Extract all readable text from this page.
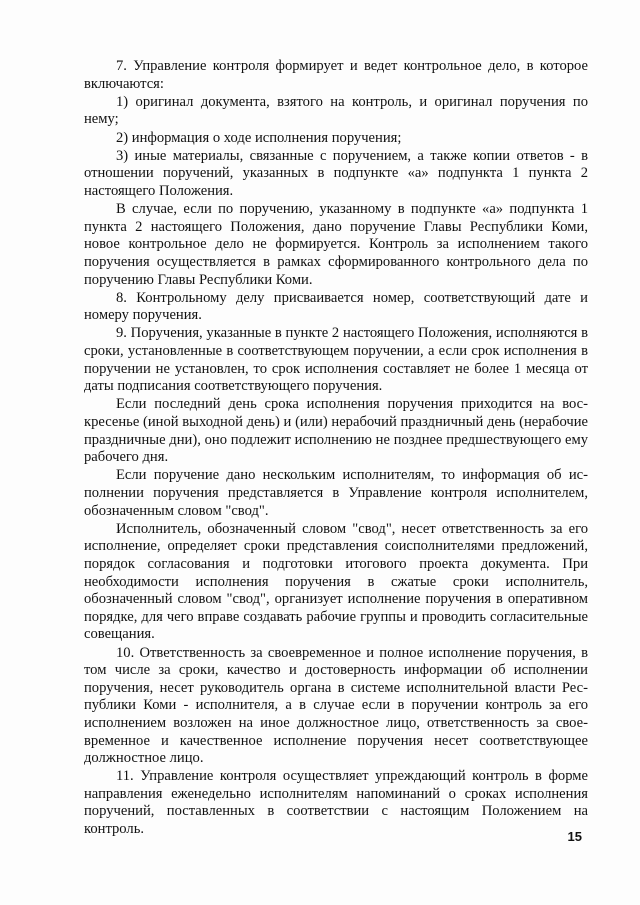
7. Управление контроля формирует и ведет контрольное дело, в которое включаются:

1) оригинал документа, взятого на контроль, и оригинал поручения по нему;

2) информация о ходе исполнения поручения;

3) иные материалы, связанные с поручением, а также копии ответов - в отношении поручений, указанных в подпункте «а» подпункта 1 пункта 2 настоящего Положения.

В случае, если по поручению, указанному в подпункте «а» подпункта 1 пункта 2 настоящего Положения, дано поручение Главы Республики Коми, новое контрольное дело не формируется. Контроль за исполнением такого поручения осуществляется в рамках сформированного контрольного дела по поручению Главы Республики Коми.

8. Контрольному делу присваивается номер, соответствующий дате и номеру поручения.

9. Поручения, указанные в пункте 2 настоящего Положения, исполняются в сроки, установленные в соответствующем поручении, а если срок исполнения в поручении не установлен, то срок исполнения составляет не более 1 месяца от даты подписания соответствующего поручения.

Если последний день срока исполнения поручения приходится на воскресенье (иной выходной день) и (или) нерабочий праздничный день (нерабочие праздничные дни), оно подлежит исполнению не позднее предшествующего ему рабочего дня.

Если поручение дано нескольким исполнителям, то информация об исполнении поручения представляется в Управление контроля исполнителем, обозначенным словом "свод".

Исполнитель, обозначенный словом "свод", несет ответственность за его исполнение, определяет сроки представления соисполнителями предложений, порядок согласования и подготовки итогового проекта документа. При необходимости исполнения поручения в сжатые сроки исполнитель, обозначенный словом "свод", организует исполнение поручения в оперативном порядке, для чего вправе создавать рабочие группы и проводить согласительные совещания.

10. Ответственность за своевременное и полное исполнение поручения, в том числе за сроки, качество и достоверность информации об исполнении поручения, несет руководитель органа в системе исполнительной власти Республики Коми - исполнителя, а в случае если в поручении контроль за его исполнением возложен на иное должностное лицо, ответственность за своевременное и качественное исполнение поручения несет соответствующее должностное лицо.

11. Управление контроля осуществляет упреждающий контроль в форме направления еженедельно исполнителям напоминаний о сроках исполнения поручений, поставленных в соответствии с настоящим Положением на контроль.	15
